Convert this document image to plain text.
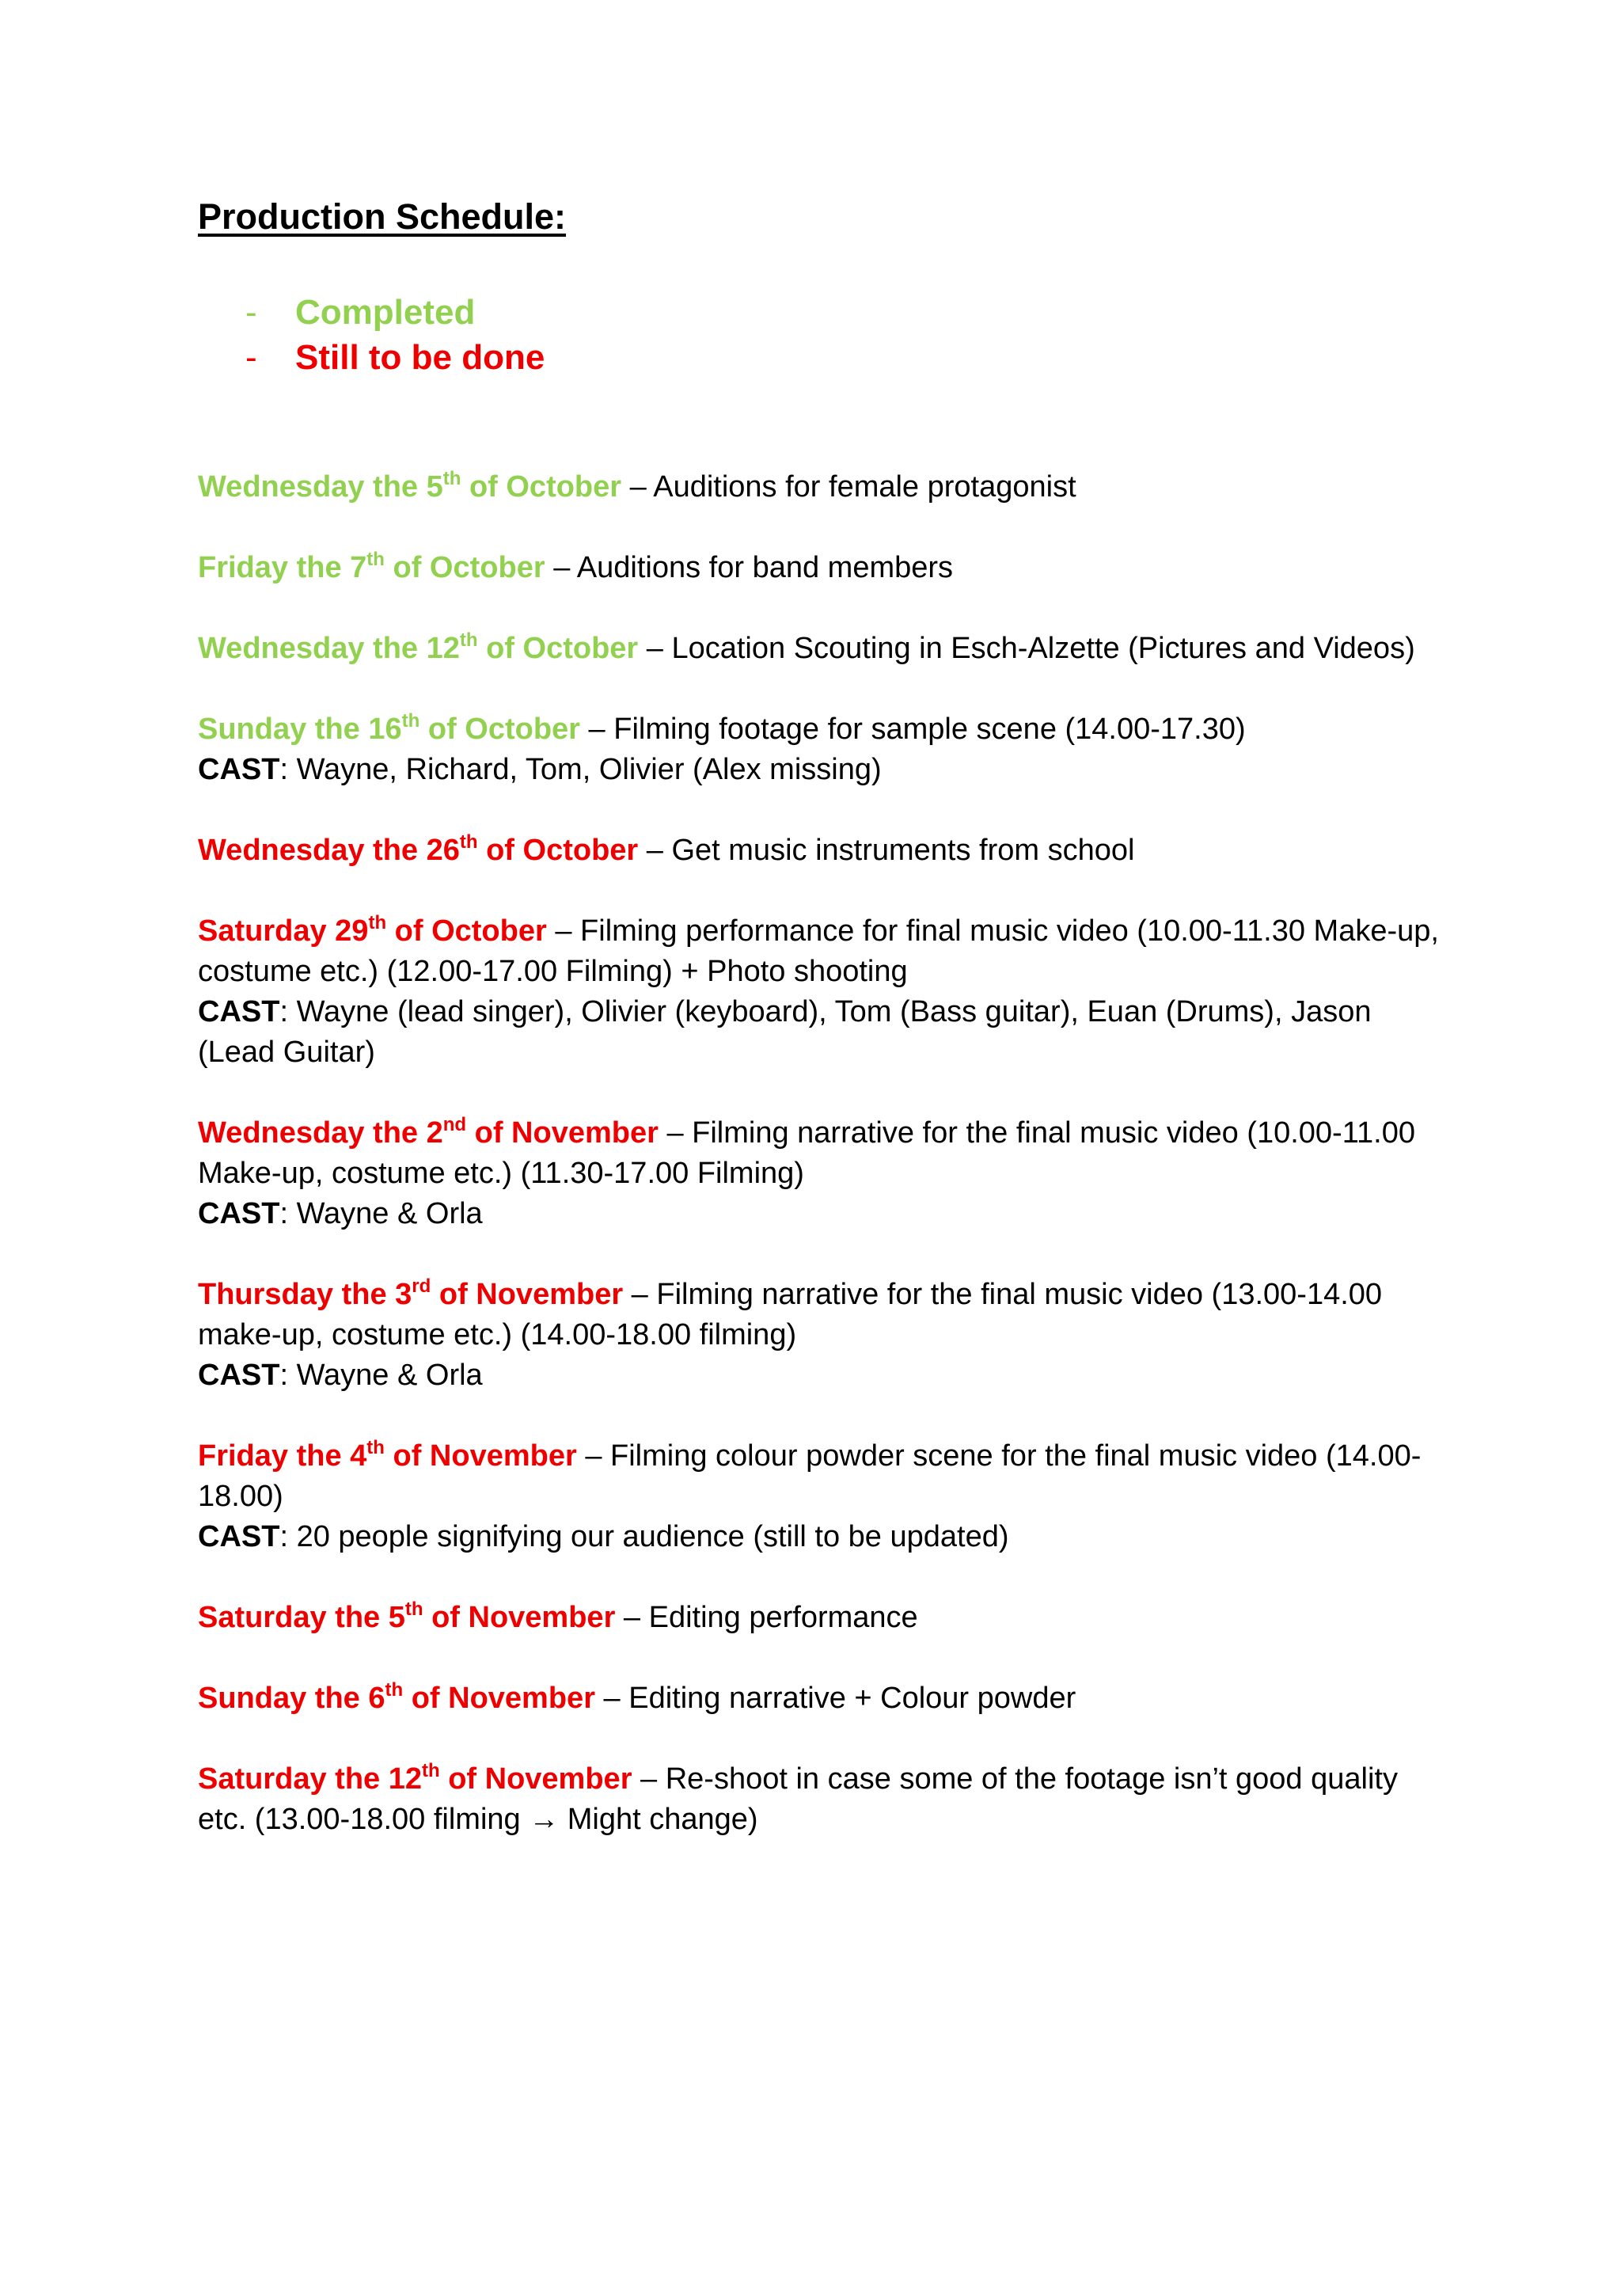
Production Schedule:
-	Completed
-	Still to be done
Wednesday the 5th of October – Auditions for female protagonist
Friday the 7th of October – Auditions for band members
Wednesday the 12th of October – Location Scouting in Esch-Alzette (Pictures and Videos)
Sunday the 16th of October – Filming footage for sample scene (14.00-17.30)
CAST: Wayne, Richard, Tom, Olivier (Alex missing)
Wednesday the 26th of October – Get music instruments from school
Saturday 29th of October – Filming performance for final music video (10.00-11.30 Make-up, costume etc.) (12.00-17.00 Filming) + Photo shooting
CAST: Wayne (lead singer), Olivier (keyboard), Tom (Bass guitar), Euan (Drums), Jason (Lead Guitar)
Wednesday the 2nd of November – Filming narrative for the final music video (10.00-11.00 Make-up, costume etc.) (11.30-17.00 Filming)
CAST: Wayne & Orla
Thursday the 3rd of November – Filming narrative for the final music video (13.00-14.00 make-up, costume etc.) (14.00-18.00 filming)
CAST: Wayne & Orla
Friday the 4th of November – Filming colour powder scene for the final music video (14.00-18.00)
CAST: 20 people signifying our audience (still to be updated)
Saturday the 5th of November – Editing performance
Sunday the 6th of November – Editing narrative + Colour powder
Saturday the 12th of November – Re-shoot in case some of the footage isn’t good quality etc. (13.00-18.00 filming → Might change)
